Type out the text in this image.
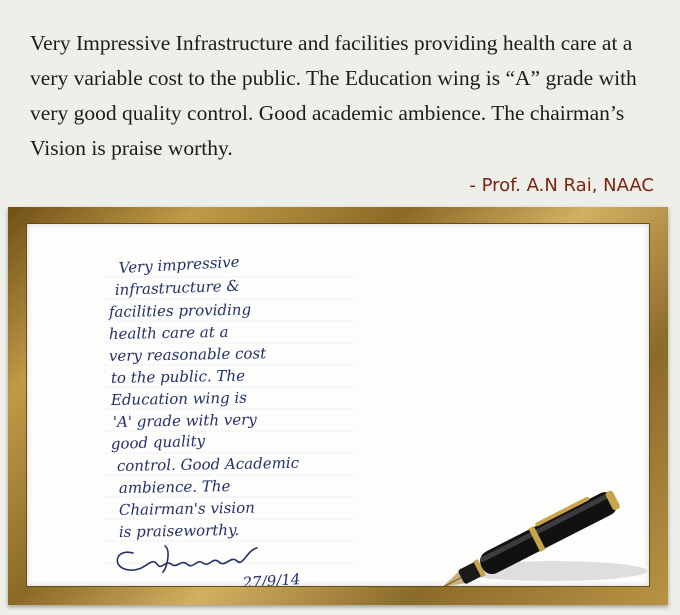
Very Impressive Infrastructure and facilities providing health care at a very variable cost to the public. The Education wing is “A” grade with very good quality control. Good academic ambience. The chairman’s Vision is praise worthy.

- Prof. A.N Rai, NAAC
Very impressive
infrastructure &
facilities providing
health care at a
very reasonable cost
to the public. The
Education wing is
'A' grade with very
good quality
control. Good Academic
ambience. The
Chairman's vision
is praiseworthy.
27/9/14
